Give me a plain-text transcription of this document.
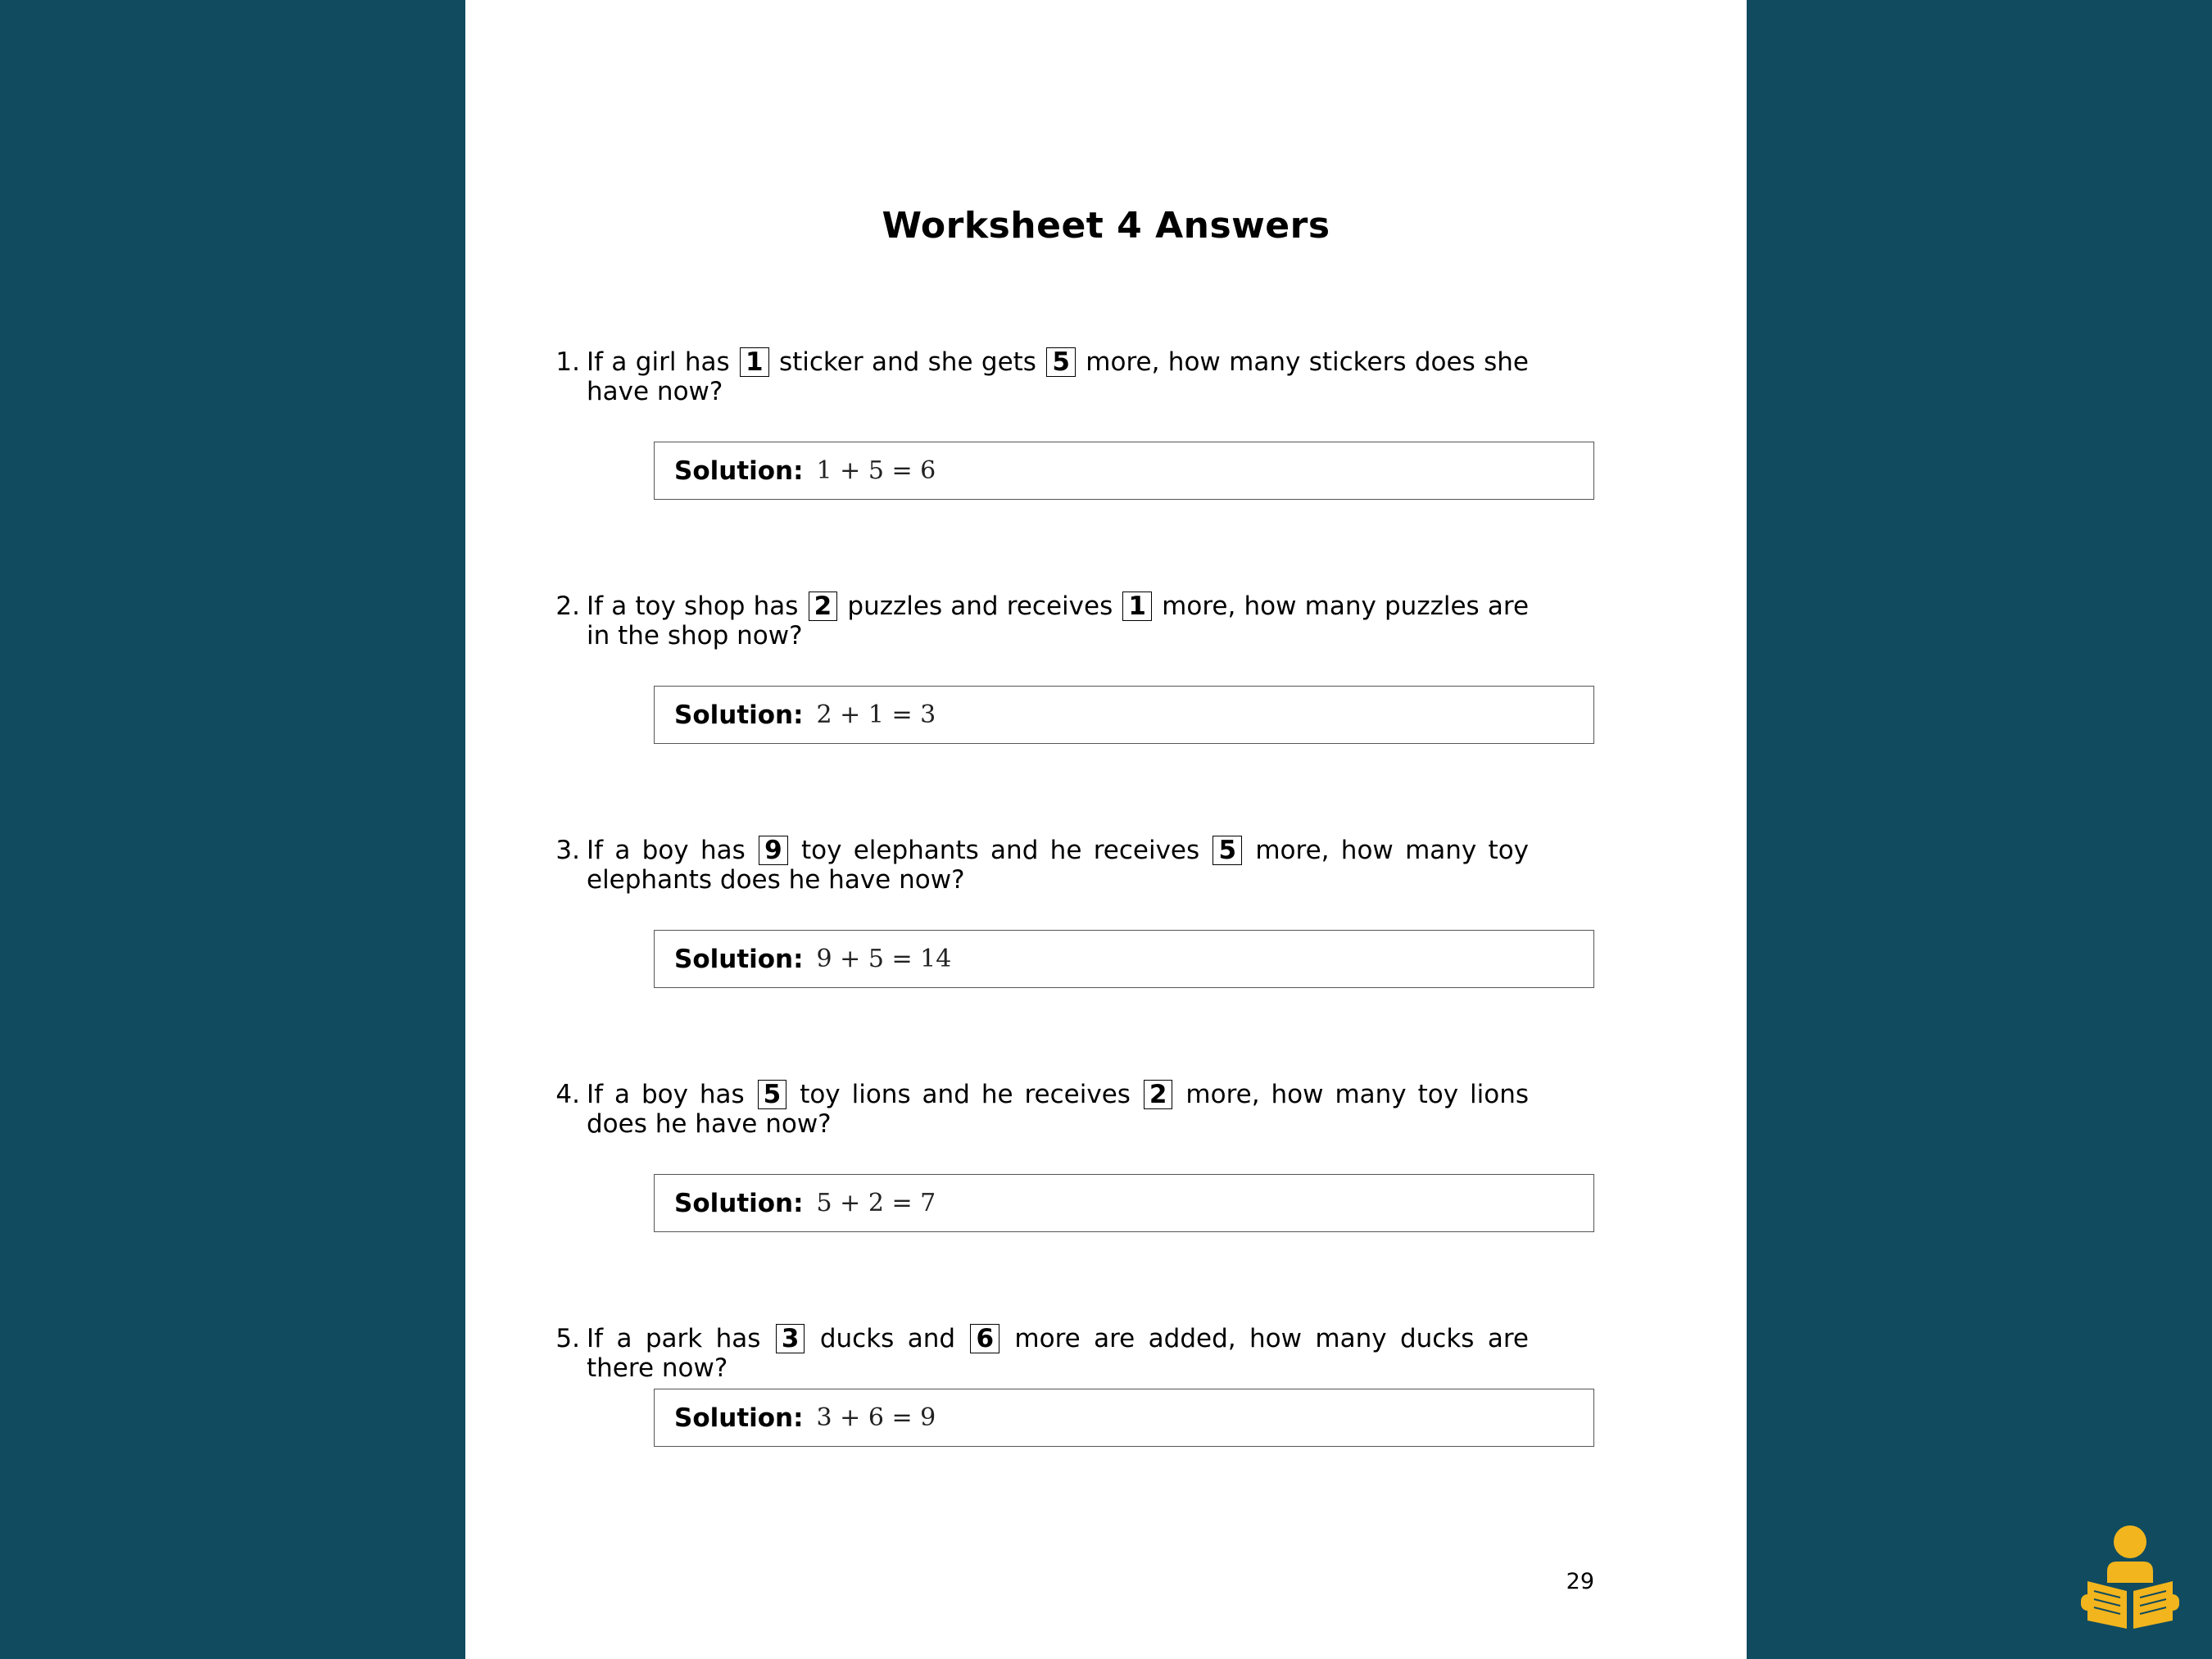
Worksheet 4 Answers
1. If a girl has 1 sticker and she gets 5 more, how many stickers does she have now?
Solution: 1 + 5 = 6
2. If a toy shop has 2 puzzles and receives 1 more, how many puzzles are in the shop now?
Solution: 2 + 1 = 3
3. If a boy has 9 toy elephants and he receives 5 more, how many toy elephants does he have now?
Solution: 9 + 5 = 14
4. If a boy has 5 toy lions and he receives 2 more, how many toy lions does he have now?
Solution: 5 + 2 = 7
5. If a park has 3 ducks and 6 more are added, how many ducks are there now?
Solution: 3 + 6 = 9
29
